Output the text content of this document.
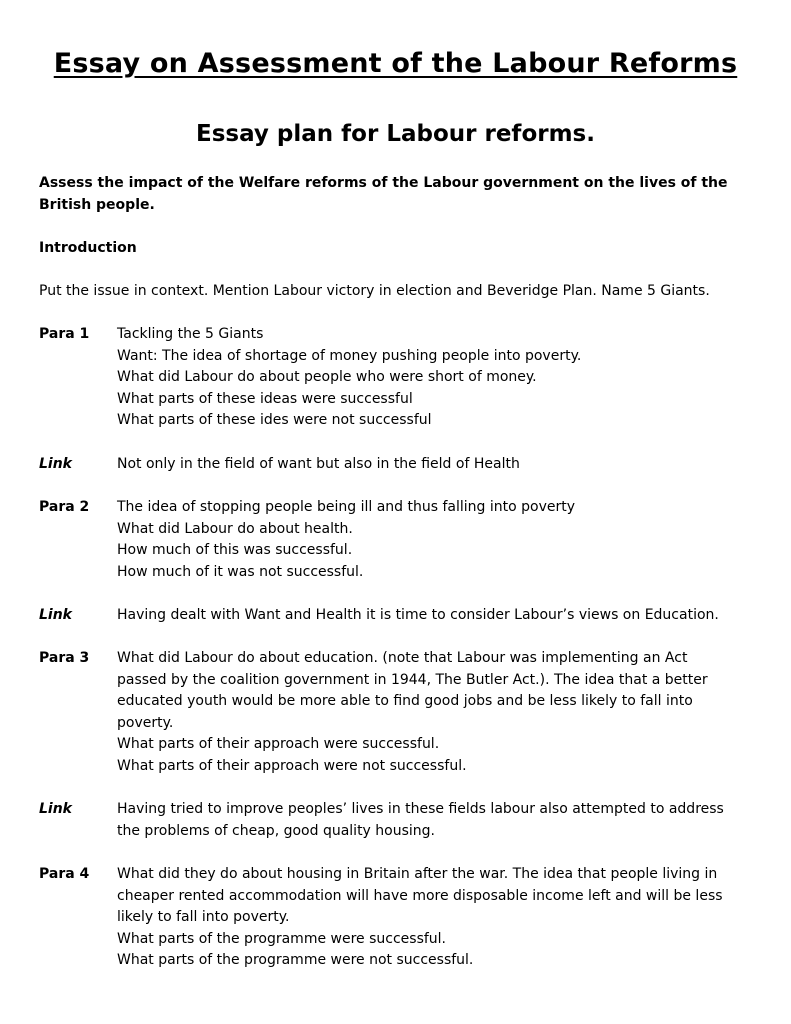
Essay on Assessment of the Labour Reforms
Essay plan for Labour reforms.
Assess the impact of the Welfare reforms of the Labour government on the lives of the British people.
Introduction
Put the issue in context. Mention Labour victory in election and Beveridge Plan. Name 5 Giants.
Para 1 Tackling the 5 Giants
Want: The idea of shortage of money pushing people into poverty.
What did Labour do about people who were short of money.
What parts of these ideas were successful
What parts of these ides were not successful
Link	Not only in the field of want but also in the field of Health
Para 2 The idea of stopping people being ill and thus falling into poverty
What did Labour do about health.
How much of this was successful.
How much of it was not successful.
Link	Having dealt with Want and Health it is time to consider Labour’s views on Education.
Para 3 What did Labour do about education. (note that Labour was implementing an Act
passed by the coalition government in 1944, The Butler Act.). The idea that a better
educated youth would be more able to find good jobs and be less likely to fall into
poverty.
What parts of their approach were successful.
What parts of their approach were not successful.
Link	Having tried to improve peoples’ lives in these fields labour also attempted to address
the problems of cheap, good quality housing.
Para 4 What did they do about housing in Britain after the war. The idea that people living in
cheaper rented accommodation will have more disposable income left and will be less
likely to fall into poverty.
What parts of the programme were successful.
What parts of the programme were not successful.
